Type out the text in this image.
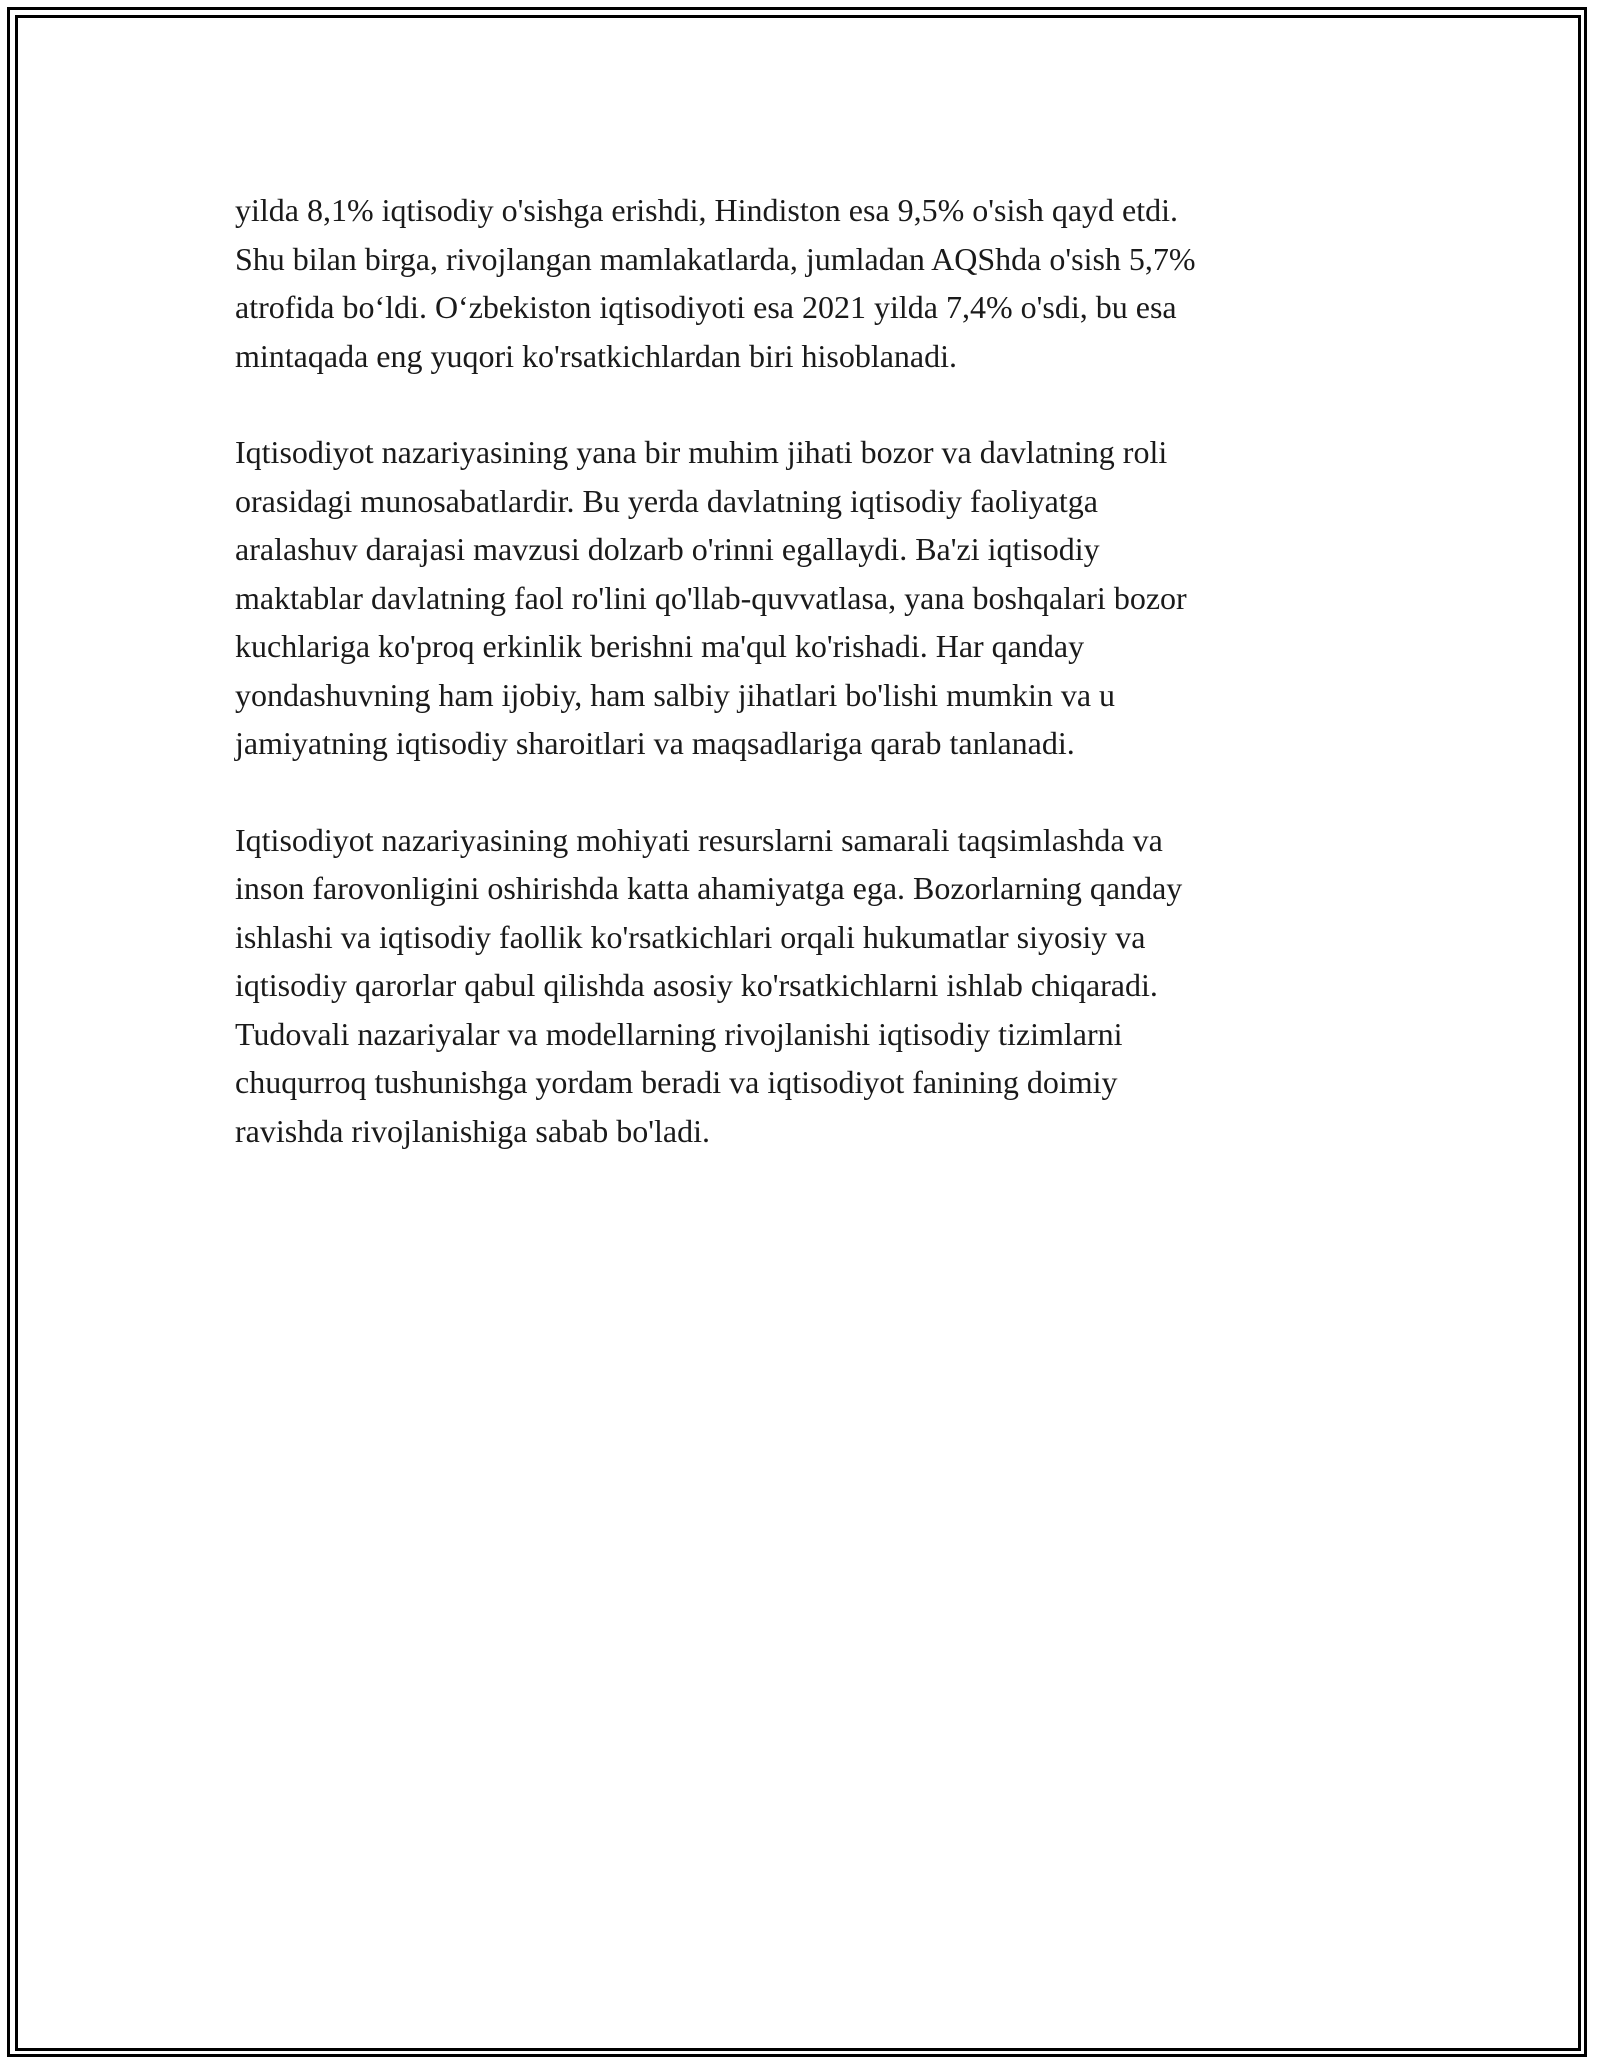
yilda 8,1% iqtisodiy o'sishga erishdi, Hindiston esa 9,5% o'sish qayd etdi.
Shu bilan birga, rivojlangan mamlakatlarda, jumladan AQShda o'sish 5,7%
atrofida bo‘ldi. O‘zbekiston iqtisodiyoti esa 2021 yilda 7,4% o'sdi, bu esa
mintaqada eng yuqori ko'rsatkichlardan biri hisoblanadi.
Iqtisodiyot nazariyasining yana bir muhim jihati bozor va davlatning roli
orasidagi munosabatlardir. Bu yerda davlatning iqtisodiy faoliyatga
aralashuv darajasi mavzusi dolzarb o'rinni egallaydi. Ba'zi iqtisodiy
maktablar davlatning faol ro'lini qo'llab-quvvatlasa, yana boshqalari bozor
kuchlariga ko'proq erkinlik berishni ma'qul ko'rishadi. Har qanday
yondashuvning ham ijobiy, ham salbiy jihatlari bo'lishi mumkin va u
jamiyatning iqtisodiy sharoitlari va maqsadlariga qarab tanlanadi.
Iqtisodiyot nazariyasining mohiyati resurslarni samarali taqsimlashda va
inson farovonligini oshirishda katta ahamiyatga ega. Bozorlarning qanday
ishlashi va iqtisodiy faollik ko'rsatkichlari orqali hukumatlar siyosiy va
iqtisodiy qarorlar qabul qilishda asosiy ko'rsatkichlarni ishlab chiqaradi.
Tudovali nazariyalar va modellarning rivojlanishi iqtisodiy tizimlarni
chuqurroq tushunishga yordam beradi va iqtisodiyot fanining doimiy
ravishda rivojlanishiga sabab bo'ladi.
